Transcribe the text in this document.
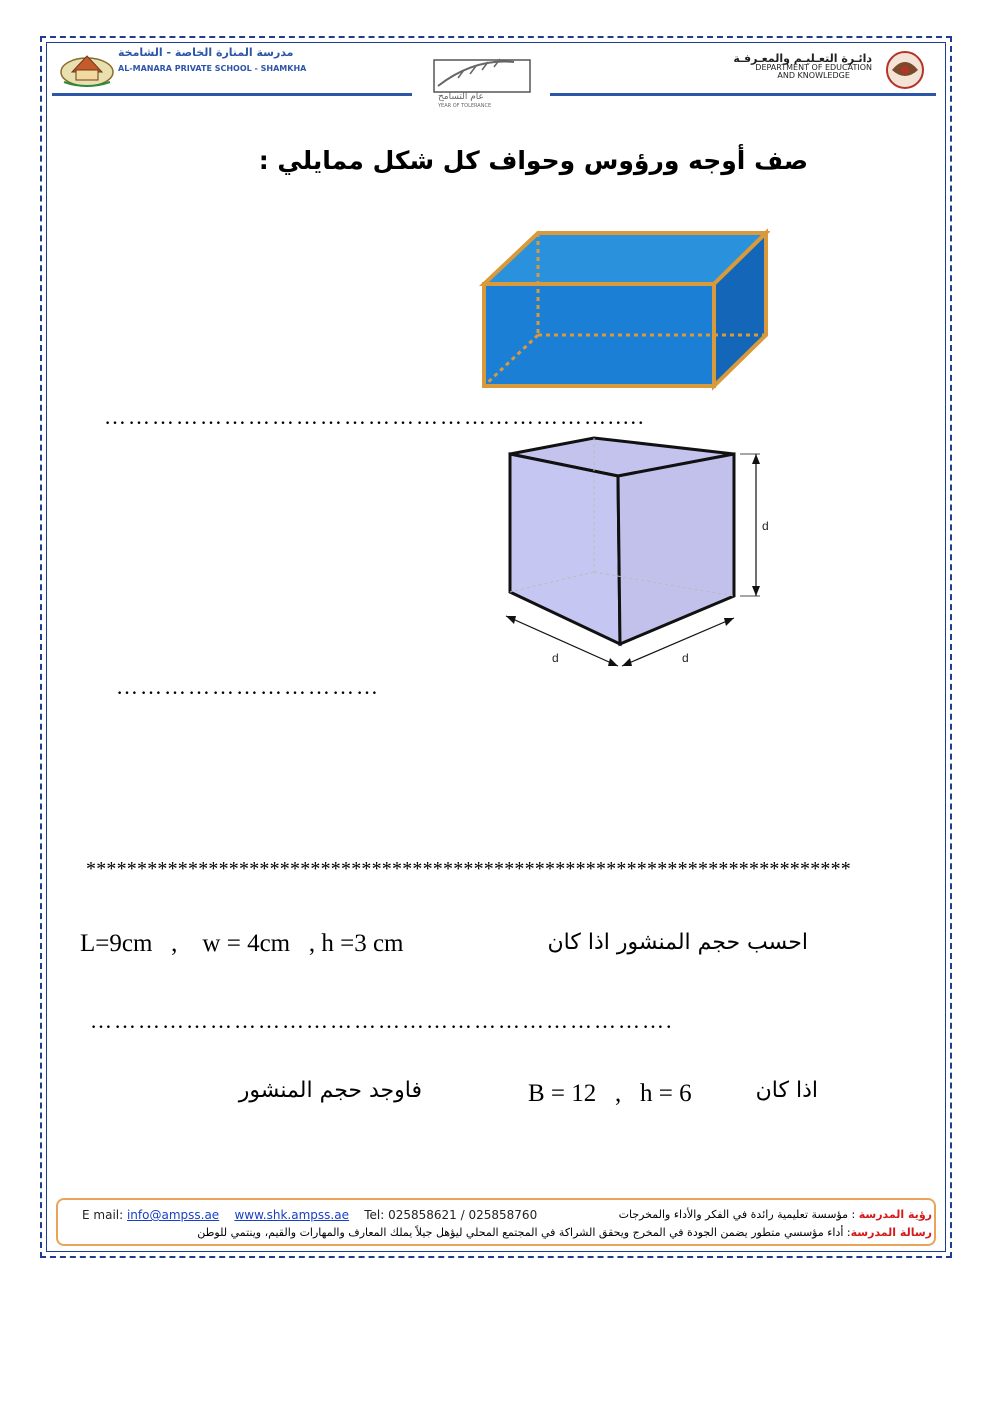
مدرسة المنارة الخاصة - الشامخة
AL-MANARA PRIVATE SCHOOL - SHAMKHA
عام التسامح
YEAR OF TOLERANCE
دائـرة التعـليـم والمعـرفـة
DEPARTMENT OF EDUCATION
AND KNOWLEDGE
صف أوجه ورؤوس وحواف كل شكل ممايلي :
……………………………………………………….....
d
d	d
……………………………
***************************************************************************
L=9cm   ,    w = 4cm   , h =3 cm	احسب حجم المنشور اذا كان
……………………………………………………………….
اذا كان
B = 12   ,   h = 6
فاوجد حجم المنشور
E mail: info@ampss.ae www.shk.ampss.ae Tel: 025858621 / 025858760	رؤية المدرسة : مؤسسة تعليمية رائدة في الفكر والأداء والمخرجات
رسالة المدرسة: أداء مؤسسي متطور يضمن الجودة في المخرج ويحقق الشراكة في المجتمع المحلي ليؤهل جيلاً يملك المعارف والمهارات والقيم، وينتمي للوطن
